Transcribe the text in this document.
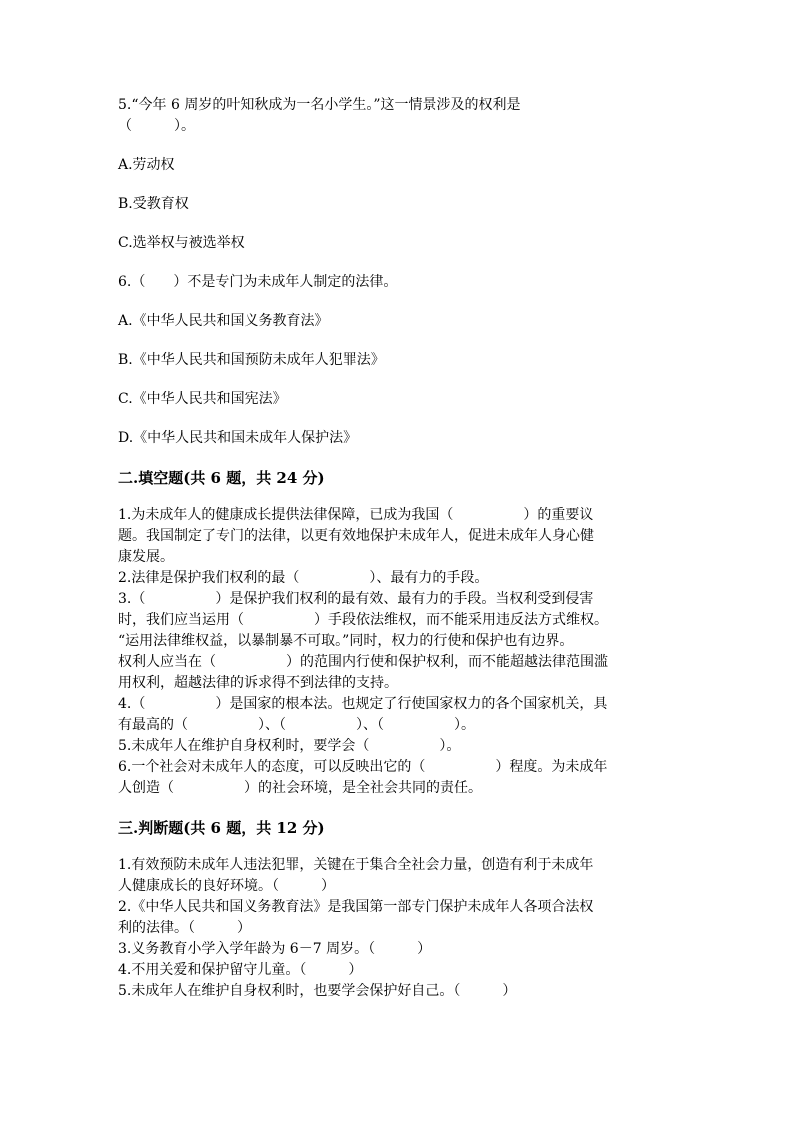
5.“今年 6 周岁的叶知秋成为一名小学生。”这一情景涉及的权利是

（　　　）。

A.劳动权

B.受教育权

C.选举权与被选举权

6.（　　）不是专门为未成年人制定的法律。

A.《中华人民共和国义务教育法》

B.《中华人民共和国预防未成年人犯罪法》

C.《中华人民共和国宪法》

D.《中华人民共和国未成年人保护法》

二.填空题(共 6 题，共 24 分)

1.为未成年人的健康成长提供法律保障，已成为我国（　　　　　）的重要议

题。我国制定了专门的法律，以更有效地保护未成年人，促进未成年人身心健

康发展。

2.法律是保护我们权利的最（　　　　　）、最有力的手段。

3.（　　　　　）是保护我们权利的最有效、最有力的手段。当权利受到侵害

时，我们应当运用（　　　　　）手段依法维权，而不能采用违反法方式维权。

“运用法律维权益，以暴制暴不可取。”同时，权力的行使和保护也有边界。

权利人应当在（　　　　　）的范围内行使和保护权利，而不能超越法律范围滥

用权利，超越法律的诉求得不到法律的支持。

4.（　　　　　）是国家的根本法。也规定了行使国家权力的各个国家机关，具

有最高的（　　　　　）、（　　　　　）、（　　　　　）。

5.未成年人在维护自身权利时，要学会（　　　　　）。

6.一个社会对未成年人的态度，可以反映出它的（　　　　　）程度。为未成年

人创造（　　　　　）的社会环境，是全社会共同的责任。

三.判断题(共 6 题，共 12 分)

1.有效预防未成年人违法犯罪，关键在于集合全社会力量，创造有利于未成年

人健康成长的良好环境。（　　　）

2.《中华人民共和国义务教育法》是我国第一部专门保护未成年人各项合法权

利的法律。（　　　）

3.义务教育小学入学年龄为 6－7 周岁。（　　　）

4.不用关爱和保护留守儿童。（　　　）

5.未成年人在维护自身权利时，也要学会保护好自己。（　　　）
